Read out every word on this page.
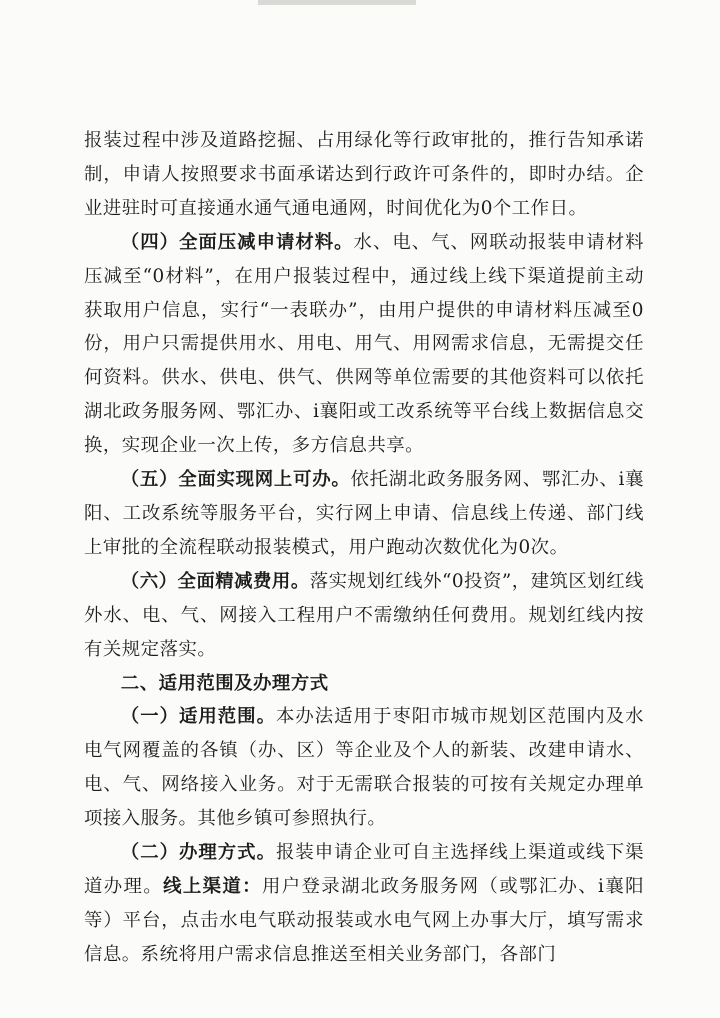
报装过程中涉及道路挖掘、占用绿化等行政审批的，推行告知承诺制，申请人按照要求书面承诺达到行政许可条件的，即时办结。企业进驻时可直接通水通气通电通网，时间优化为0个工作日。

（四）全面压减申请材料。水、电、气、网联动报装申请材料压减至“0材料”，在用户报装过程中，通过线上线下渠道提前主动获取用户信息，实行“一表联办”，由用户提供的申请材料压减至0份，用户只需提供用水、用电、用气、用网需求信息，无需提交任何资料。供水、供电、供气、供网等单位需要的其他资料可以依托湖北政务服务网、鄂汇办、i襄阳或工改系统等平台线上数据信息交换，实现企业一次上传，多方信息共享。

（五）全面实现网上可办。依托湖北政务服务网、鄂汇办、i襄阳、工改系统等服务平台，实行网上申请、信息线上传递、部门线上审批的全流程联动报装模式，用户跑动次数优化为0次。

（六）全面精减费用。落实规划红线外“0投资”，建筑区划红线外水、电、气、网接入工程用户不需缴纳任何费用。规划红线内按有关规定落实。

二、适用范围及办理方式

（一）适用范围。本办法适用于枣阳市城市规划区范围内及水电气网覆盖的各镇（办、区）等企业及个人的新装、改建申请水、电、气、网络接入业务。对于无需联合报装的可按有关规定办理单项接入服务。其他乡镇可参照执行。

（二）办理方式。报装申请企业可自主选择线上渠道或线下渠道办理。线上渠道：用户登录湖北政务服务网（或鄂汇办、i襄阳等）平台，点击水电气联动报装或水电气网上办事大厅，填写需求信息。系统将用户需求信息推送至相关业务部门，各部门
